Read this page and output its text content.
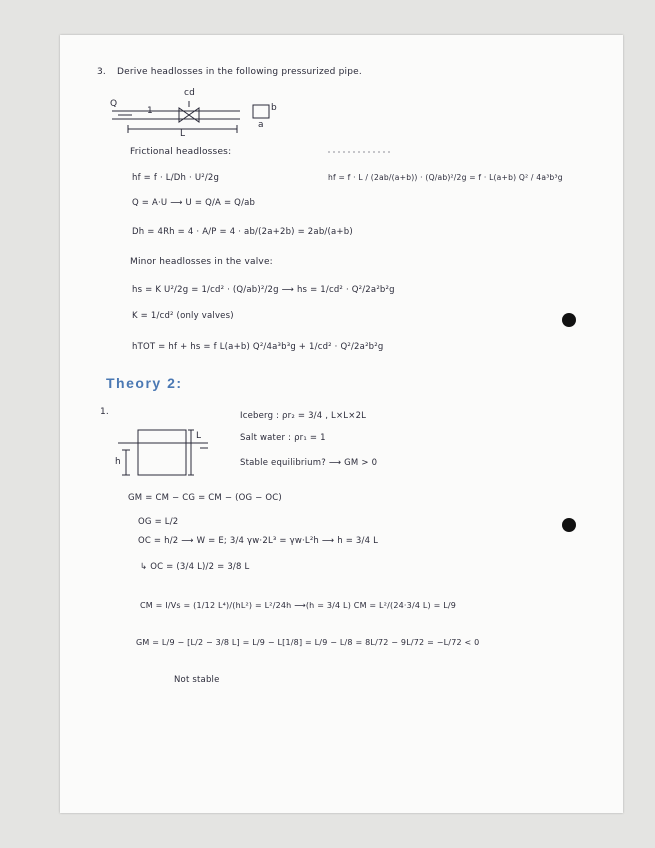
3. Derive headlosses in the following pressurized pipe.
Q
1
cd
L
a
b
Frictional headlosses:
hf = f · L/Dh · U²/2g	hf = f · L / (2ab/(a+b)) · (Q/ab)²/2g = f · L(a+b) Q² / 4a³b³g
Q = A·U ⟶ U = Q/A = Q/ab
Dh = 4Rh = 4 · A/P = 4 · ab/(2a+2b) = 2ab/(a+b)
Minor headlosses in the valve:
hs = K U²/2g = 1/cd² · (Q/ab)²/2g ⟶ hs = 1/cd² · Q²/2a²b²g
K = 1/cd² (only valves)
hTOT = hf + hs = f L(a+b) Q²/4a³b³g + 1/cd² · Q²/2a²b²g
Theory 2:
1.	Iceberg : ρr₂ = 3/4 , L×L×2L
Salt water : ρr₁ = 1
Stable equilibrium? ⟶ GM > 0
h
L
GM = CM − CG = CM − (OG − OC)
OG = L/2
OC = h/2 ⟶ W = E; 3/4 γw·2L³ = γw·L²h ⟶ h = 3/4 L
↳ OC = (3/4 L)/2 = 3/8 L
CM = I/Vs = (1/12 L⁴)/(hL²) = L²/24h ⟶(h = 3/4 L) CM = L²/(24·3/4 L) = L/9
GM = L/9 − [L/2 − 3/8 L] = L/9 − L[1/8] = L/9 − L/8 = 8L/72 − 9L/72 = −L/72 < 0
Not stable
